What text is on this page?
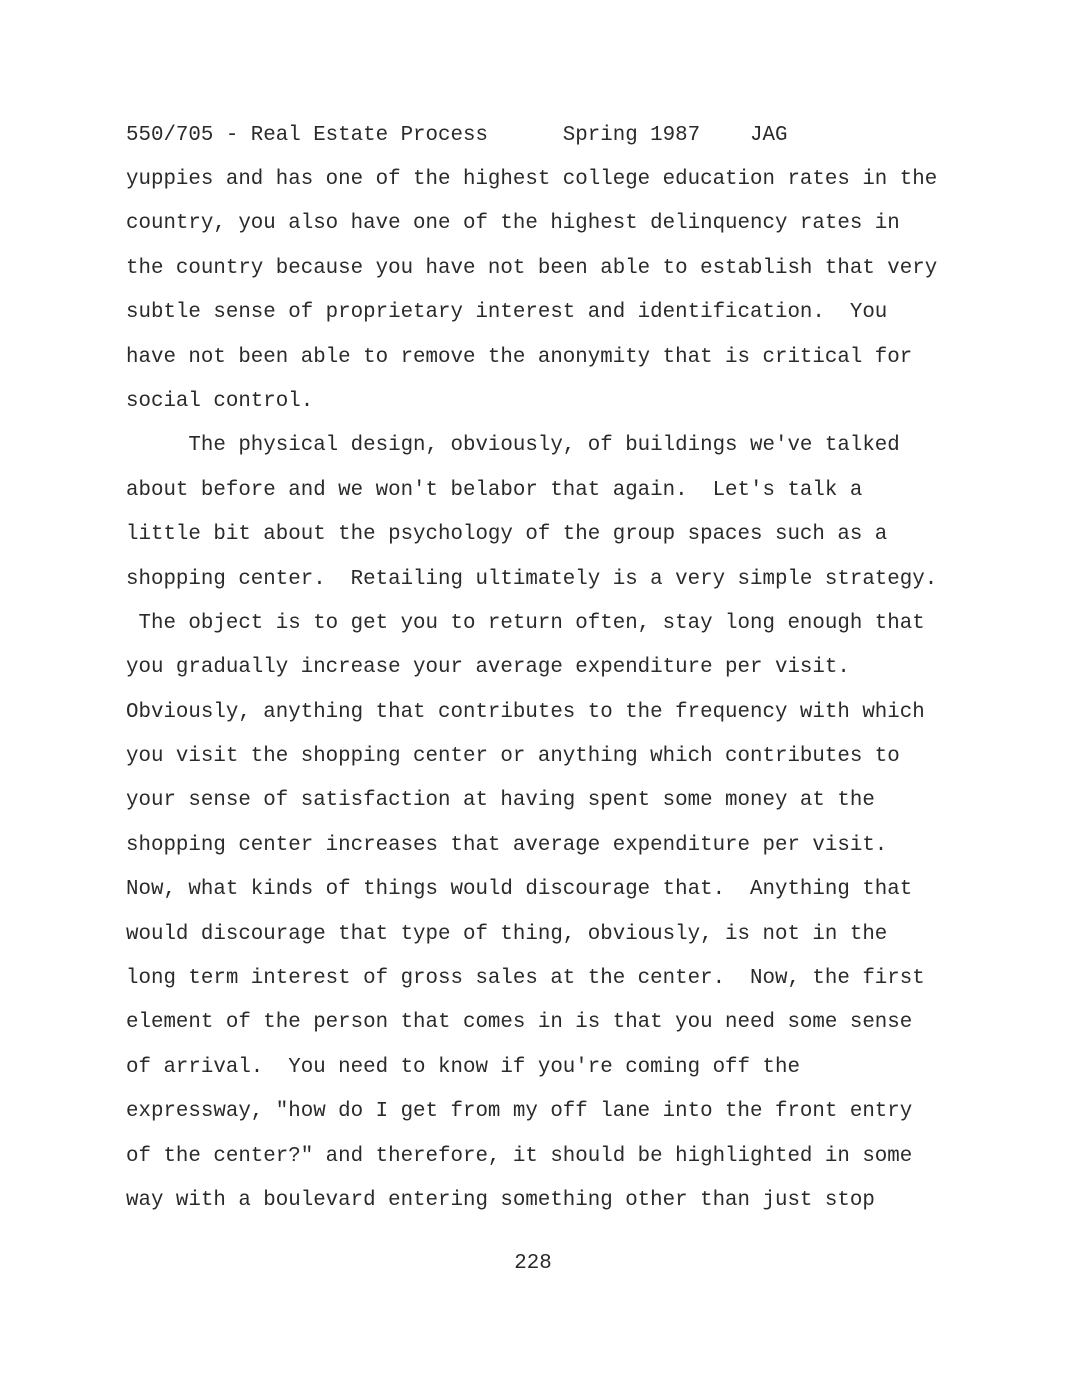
550/705 - Real Estate Process      Spring 1987    JAG

yuppies and has one of the highest college education rates in the
country, you also have one of the highest delinquency rates in
the country because you have not been able to establish that very
subtle sense of proprietary interest and identification.  You
have not been able to remove the anonymity that is critical for
social control.
The physical design, obviously, of buildings we've talked
about before and we won't belabor that again.  Let's talk a
little bit about the psychology of the group spaces such as a
shopping center.  Retailing ultimately is a very simple strategy.
The object is to get you to return often, stay long enough that
you gradually increase your average expenditure per visit.
Obviously, anything that contributes to the frequency with which
you visit the shopping center or anything which contributes to
your sense of satisfaction at having spent some money at the
shopping center increases that average expenditure per visit.
Now, what kinds of things would discourage that.  Anything that
would discourage that type of thing, obviously, is not in the
long term interest of gross sales at the center.  Now, the first
element of the person that comes in is that you need some sense
of arrival.  You need to know if you're coming off the
expressway, "how do I get from my off lane into the front entry
of the center?" and therefore, it should be highlighted in some
way with a boulevard entering something other than just stop

228
